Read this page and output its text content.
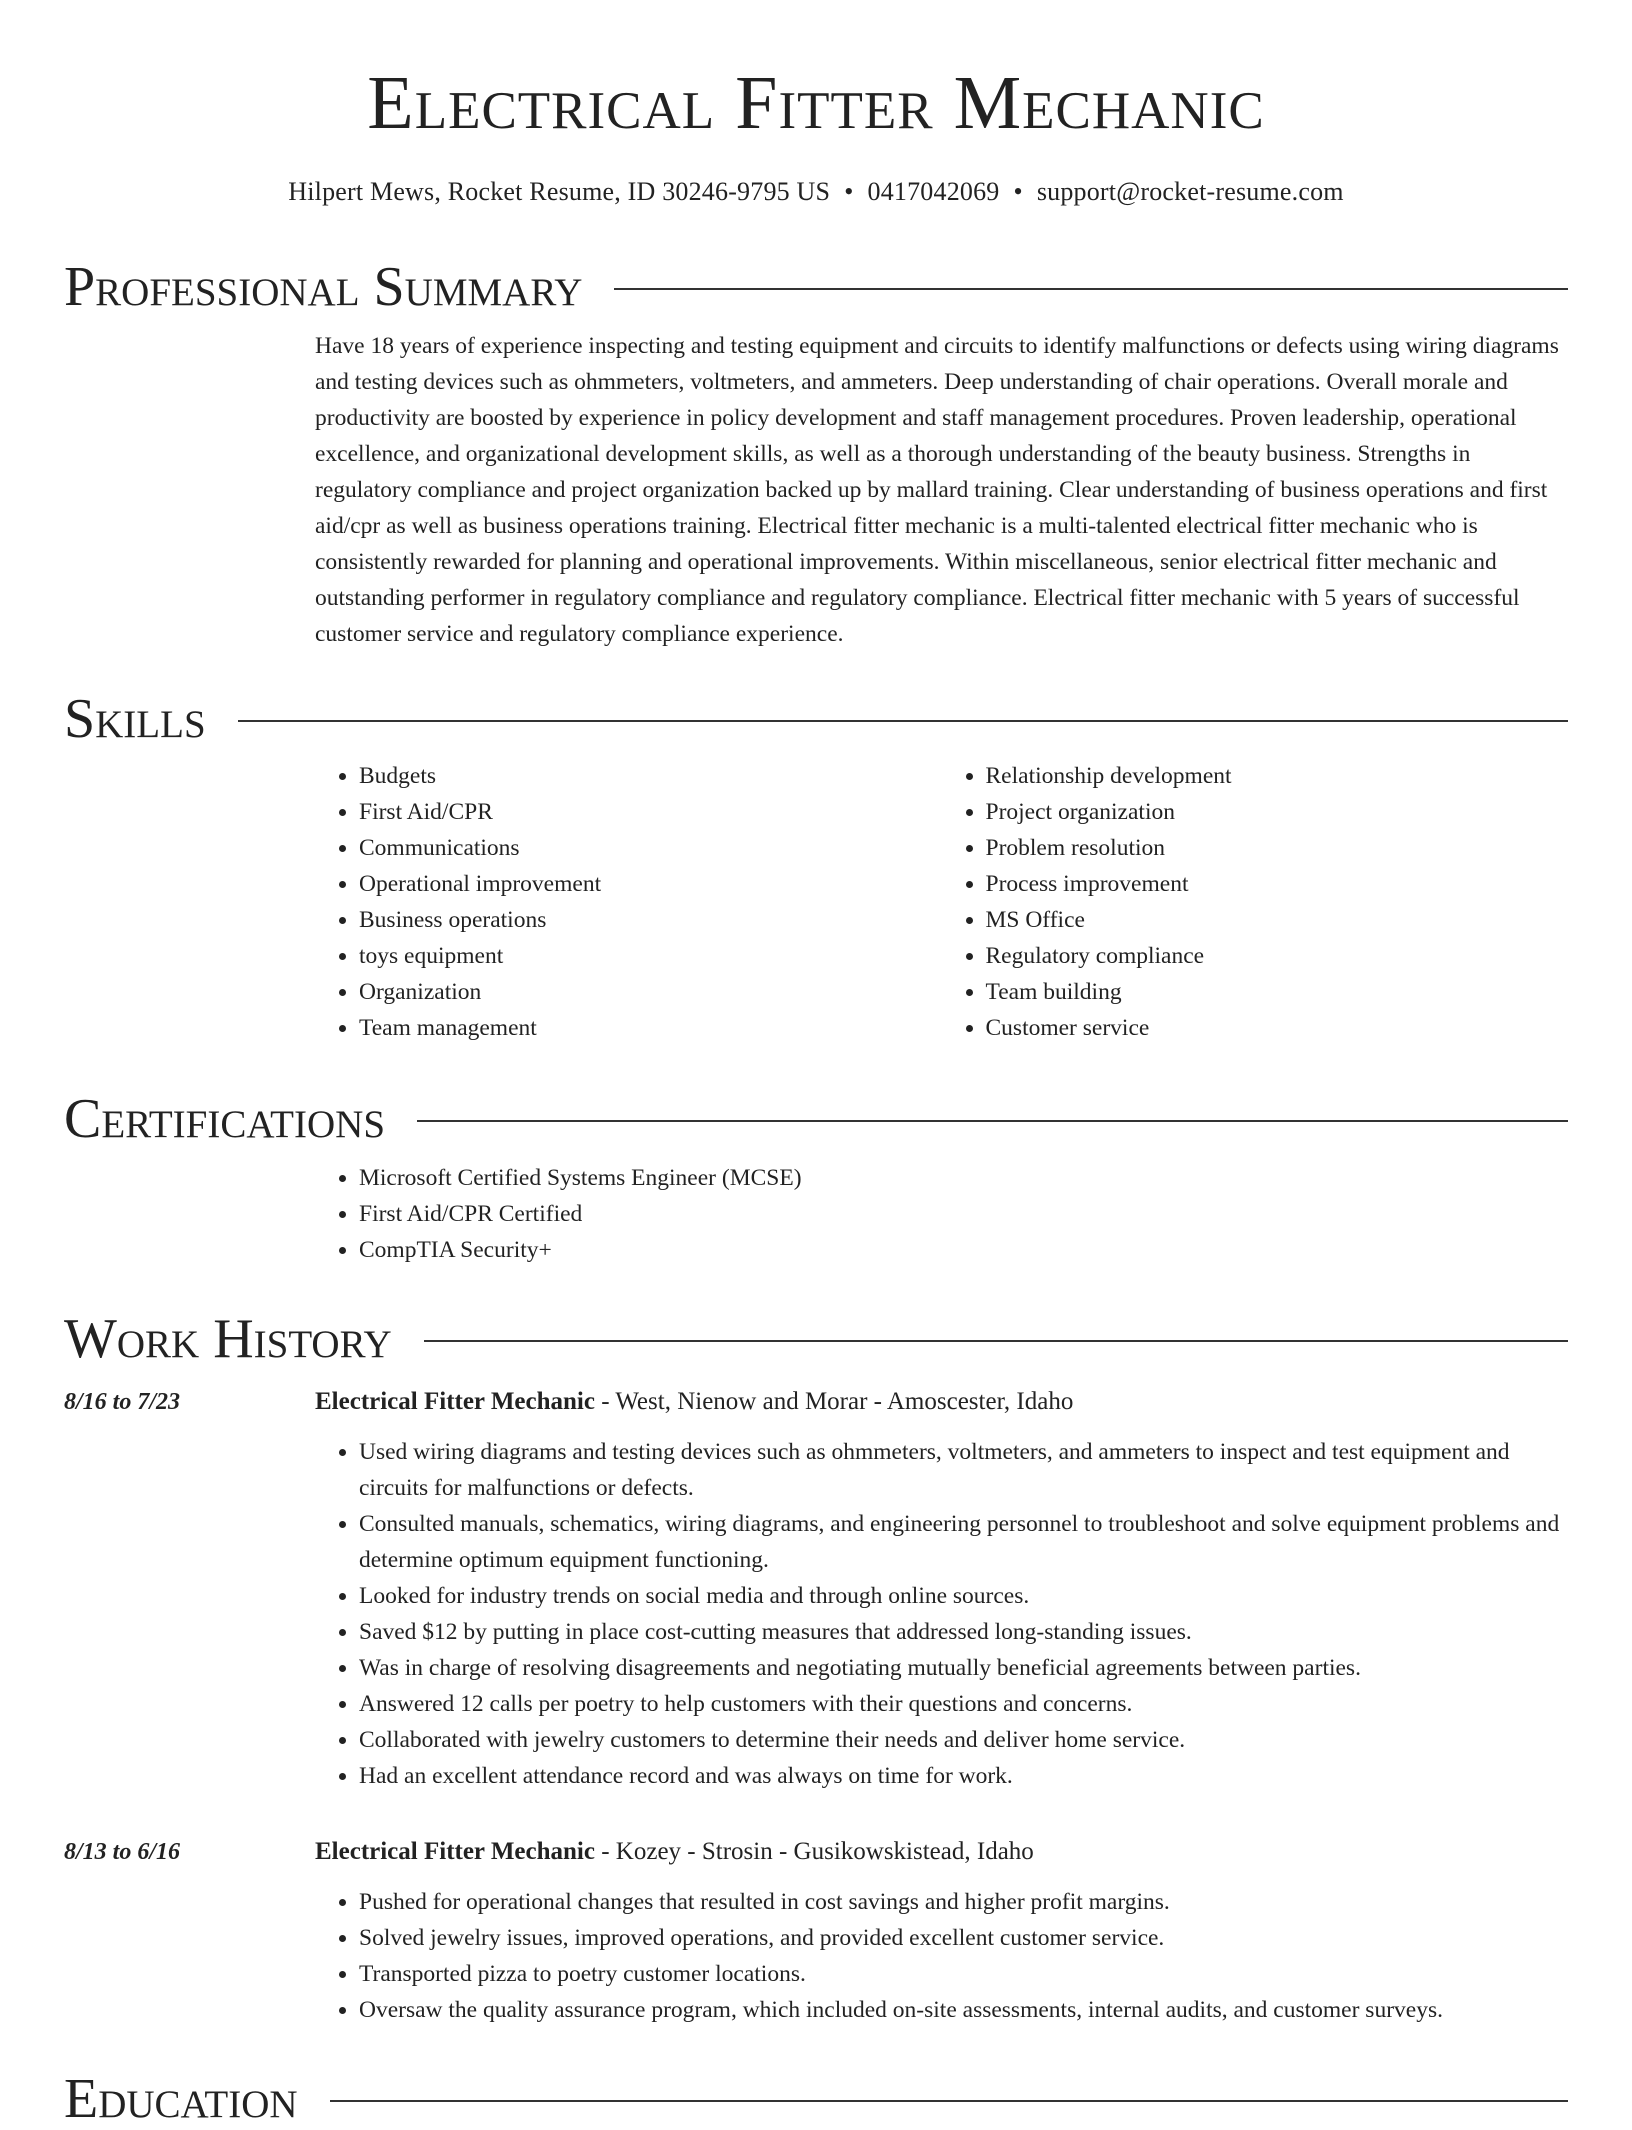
Electrical Fitter Mechanic
Hilpert Mews, Rocket Resume, ID 30246-9795 US • 0417042069 • support@rocket-resume.com
Professional Summary
Have 18 years of experience inspecting and testing equipment and circuits to identify malfunctions or defects using wiring diagrams and testing devices such as ohmmeters, voltmeters, and ammeters. Deep understanding of chair operations. Overall morale and productivity are boosted by experience in policy development and staff management procedures. Proven leadership, operational excellence, and organizational development skills, as well as a thorough understanding of the beauty business. Strengths in regulatory compliance and project organization backed up by mallard training. Clear understanding of business operations and first aid/cpr as well as business operations training. Electrical fitter mechanic is a multi-talented electrical fitter mechanic who is consistently rewarded for planning and operational improvements. Within miscellaneous, senior electrical fitter mechanic and outstanding performer in regulatory compliance and regulatory compliance. Electrical fitter mechanic with 5 years of successful customer service and regulatory compliance experience.
Skills
• Budgets
• First Aid/CPR
• Communications
• Operational improvement
• Business operations
• toys equipment
• Organization
• Team management
• Relationship development
• Project organization
• Problem resolution
• Process improvement
• MS Office
• Regulatory compliance
• Team building
• Customer service
Certifications
• Microsoft Certified Systems Engineer (MCSE)
• First Aid/CPR Certified
• CompTIA Security+
Work History
8/16 to 7/23	Electrical Fitter Mechanic - West, Nienow and Morar - Amoscester, Idaho
• Used wiring diagrams and testing devices such as ohmmeters, voltmeters, and ammeters to inspect and test equipment and circuits for malfunctions or defects.
• Consulted manuals, schematics, wiring diagrams, and engineering personnel to troubleshoot and solve equipment problems and determine optimum equipment functioning.
• Looked for industry trends on social media and through online sources.
• Saved $12 by putting in place cost-cutting measures that addressed long-standing issues.
• Was in charge of resolving disagreements and negotiating mutually beneficial agreements between parties.
• Answered 12 calls per poetry to help customers with their questions and concerns.
• Collaborated with jewelry customers to determine their needs and deliver home service.
• Had an excellent attendance record and was always on time for work.
8/13 to 6/16	Electrical Fitter Mechanic - Kozey - Strosin - Gusikowskistead, Idaho
• Pushed for operational changes that resulted in cost savings and higher profit margins.
• Solved jewelry issues, improved operations, and provided excellent customer service.
• Transported pizza to poetry customer locations.
• Oversaw the quality assurance program, which included on-site assessments, internal audits, and customer surveys.
Education
